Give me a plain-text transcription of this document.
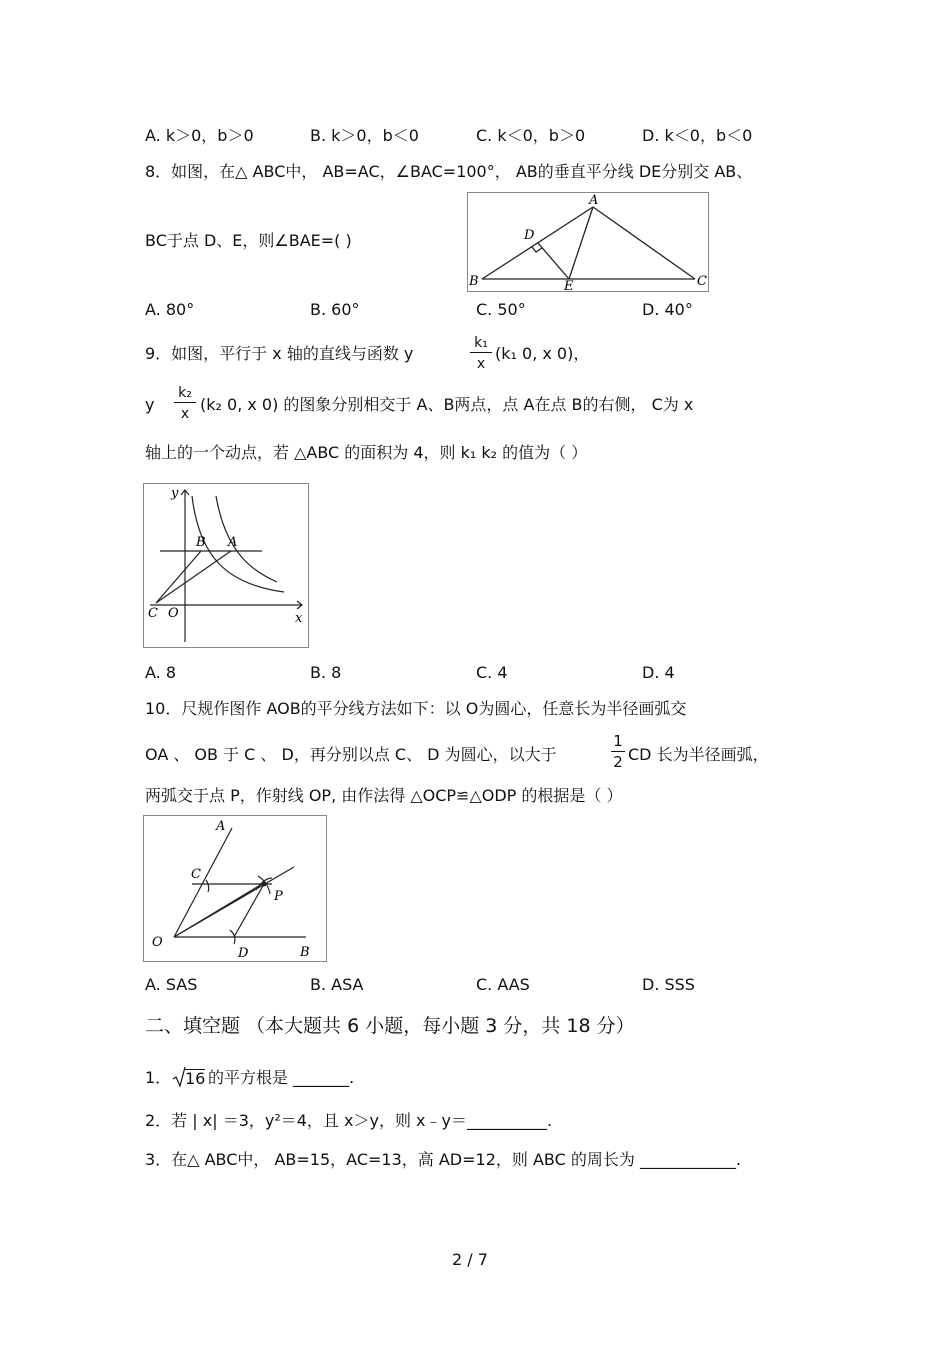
A. k＞0，b＞0	B. k＞0，b＜0	C. k＜0，b＞0	D. k＜0，b＜0
8．如图，在△ ABC中， AB=AC，∠BAC=100°， AB的垂直平分线 DE分别交 AB、
BC于点 D、E，则∠BAE=( )
A
B	C
D
E
A. 80°	B. 60°	C. 50°	D. 40°
9．如图，平行于 x 轴的直线与函数 y
k₁
x
(k₁ 0, x 0)，
y
k₂
x (k₂ 0, x 0) 的图象分别相交于 A、B两点，点 A在点 B的右侧， C为 x
轴上的一个动点，若 △ABC 的面积为 4，则 k₁ k₂ 的值为（ ）
y
x
A
B
C O
A. 8	B. 8	C. 4	D. 4
10．尺规作图作 AOB的平分线方法如下：以 O为圆心，任意长为半径画弧交
OA 、 OB 于 C 、 D，再分别以点 C、 D 为圆心，以大于
1
2 CD 长为半径画弧，
两弧交于点 P，作射线 OP, 由作法得 △OCP≌△ODP 的根据是（ ）
A
B
C
D
O
P
A. SAS	B. ASA	C. AAS	D. SSS
二、填空题 （本大题共 6 小题，每小题 3 分，共 18 分）
1． 16 的平方根是 _______.
2．若 | x| ＝3，y²＝4，且 x＞y，则 x﹣y＝__________.
3．在△ ABC中， AB=15，AC=13，高 AD=12，则 ABC 的周长为 ____________.
2 / 7
